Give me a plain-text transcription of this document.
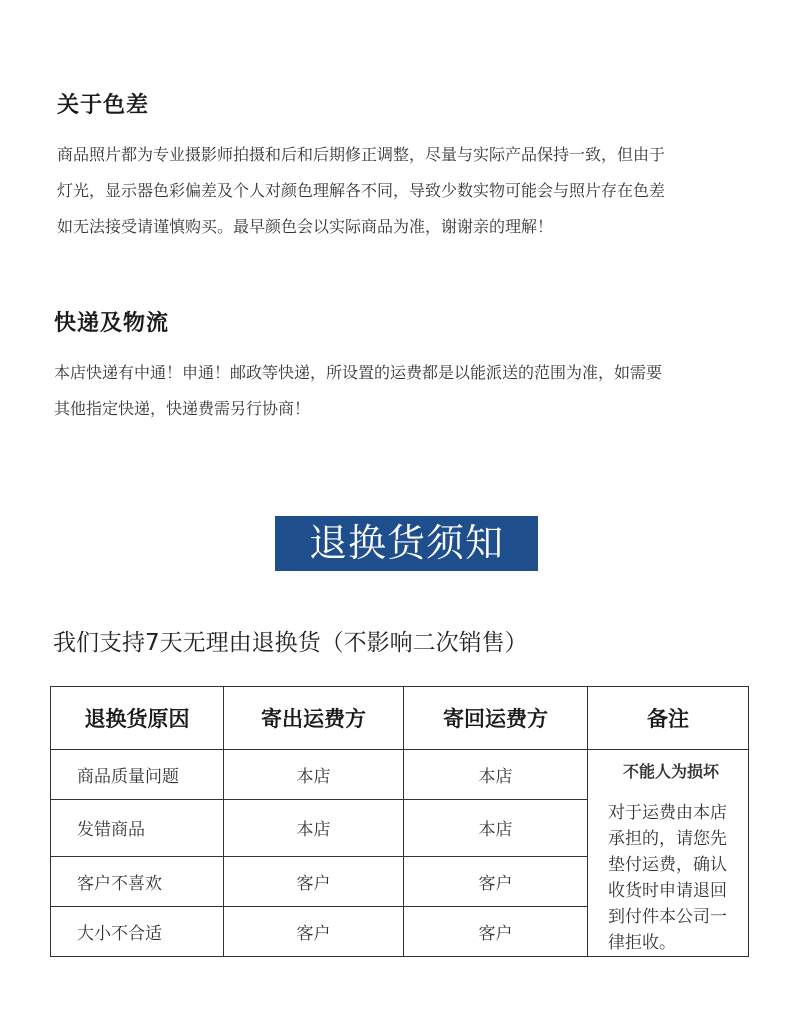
关于色差

商品照片都为专业摄影师拍摄和后和后期修正调整，尽量与实际产品保持一致，但由于
灯光，显示器色彩偏差及个人对颜色理解各不同，导致少数实物可能会与照片存在色差
如无法接受请谨慎购买。最早颜色会以实际商品为准，谢谢亲的理解！

快递及物流

本店快递有中通！申通！邮政等快递，所设置的运费都是以能派送的范围为准，如需要
其他指定快递，快递费需另行协商！

退换货须知

我们支持7天无理由退换货（不影响二次销售）

退换货原因	寄出运费方	寄回运费方	备注
商品质量问题	本店	本店	不能人为损坏
对于运费由本店承担的，请您先垫付运费，确认收货时申请退回到付件本公司一律拒收。
发错商品	本店	本店	
客户不喜欢	客户	客户	
大小不合适	客户	客户	
